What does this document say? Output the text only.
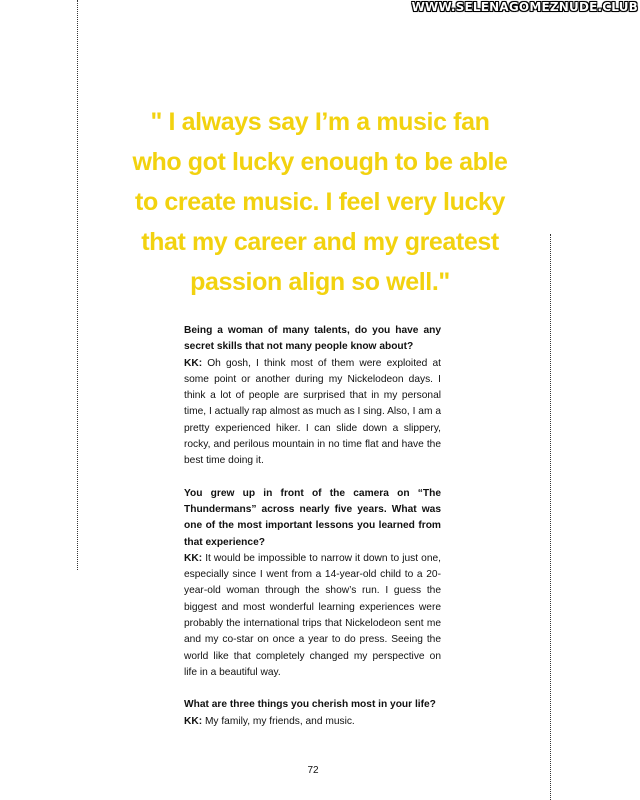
WWW.SELENAGOMEZNUDE.CLUB
" I always say I’m a music fan
who got lucky enough to be able
to create music. I feel very lucky
that my career and my greatest
passion align so well."
Being a woman of many talents, do you have any secret skills that not many people know about?
KK: Oh gosh, I think most of them were exploited at some point or another during my Nickelodeon days. I think a lot of people are surprised that in my personal time, I actually rap almost as much as I sing. Also, I am a pretty experienced hiker. I can slide down a slippery, rocky, and perilous mountain in no time flat and have the best time doing it.
You grew up in front of the camera on “The Thundermans” across nearly five years. What was one of the most important lessons you learned from that experience?
KK: It would be impossible to narrow it down to just one, especially since I went from a 14-year-old child to a 20-year-old woman through the show’s run. I guess the biggest and most wonderful learning experiences were probably the international trips that Nickelodeon sent me and my co-star on once a year to do press. Seeing the world like that completely changed my perspective on life in a beautiful way.
What are three things you cherish most in your life?
KK: My family, my friends, and music.
72
